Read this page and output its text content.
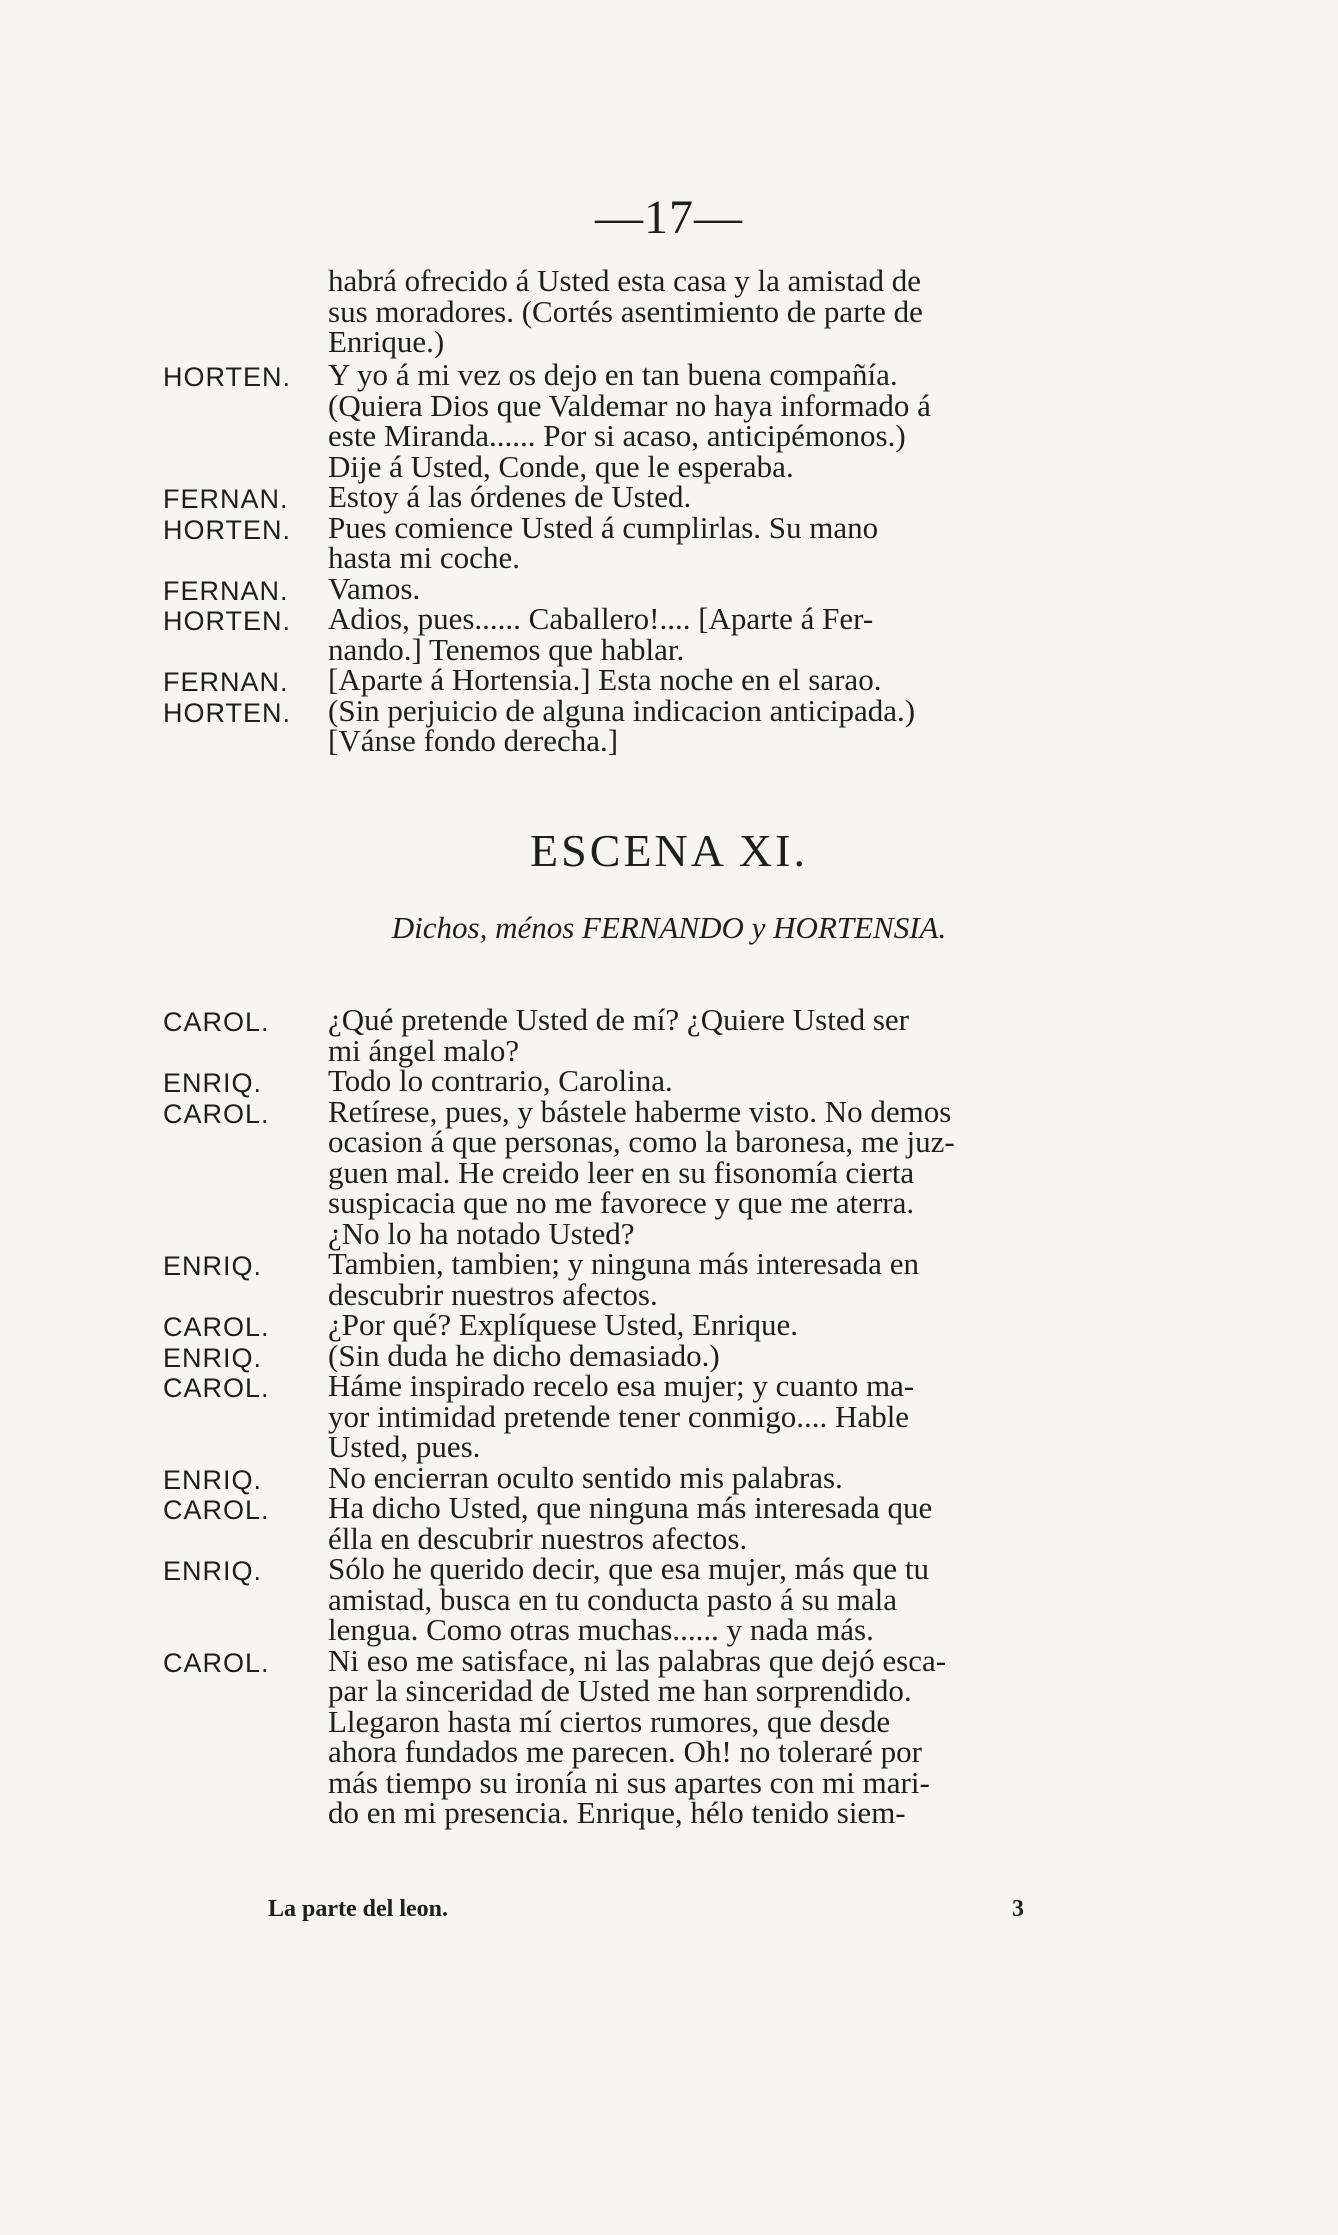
—17—
habrá ofrecido á Usted esta casa y la amistad de
sus moradores. (Cortés asentimiento de parte de
Enrique.)
HORTEN. Y yo á mi vez os dejo en tan buena compañía.
(Quiera Dios que Valdemar no haya informado á
este Miranda...... Por si acaso, anticipémonos.)
Dije á Usted, Conde, que le esperaba.
FERNAN. Estoy á las órdenes de Usted.
HORTEN. Pues comience Usted á cumplirlas. Su mano
hasta mi coche.
FERNAN. Vamos.
HORTEN. Adios, pues...... Caballero!.... [Aparte á Fer-
nando.] Tenemos que hablar.
FERNAN. [Aparte á Hortensia.] Esta noche en el sarao.
HORTEN. (Sin perjuicio de alguna indicacion anticipada.)
[Vánse fondo derecha.]
ESCENA XI.
Dichos, ménos FERNANDO y HORTENSIA.
CAROL. ¿Qué pretende Usted de mí? ¿Quiere Usted ser
mi ángel malo?
ENRIQ. Todo lo contrario, Carolina.
CAROL. Retírese, pues, y bástele haberme visto. No demos
ocasion á que personas, como la baronesa, me juz-
guen mal. He creido leer en su fisonomía cierta
suspicacia que no me favorece y que me aterra.
¿No lo ha notado Usted?
ENRIQ. Tambien, tambien; y ninguna más interesada en
descubrir nuestros afectos.
CAROL. ¿Por qué? Explíquese Usted, Enrique.
ENRIQ. (Sin duda he dicho demasiado.)
CAROL. Háme inspirado recelo esa mujer; y cuanto ma-
yor intimidad pretende tener conmigo.... Hable
Usted, pues.
ENRIQ. No encierran oculto sentido mis palabras.
CAROL. Ha dicho Usted, que ninguna más interesada que
élla en descubrir nuestros afectos.
ENRIQ. Sólo he querido decir, que esa mujer, más que tu
amistad, busca en tu conducta pasto á su mala
lengua. Como otras muchas...... y nada más.
CAROL. Ni eso me satisface, ni las palabras que dejó esca-
par la sinceridad de Usted me han sorprendido.
Llegaron hasta mí ciertos rumores, que desde
ahora fundados me parecen. Oh! no toleraré por
más tiempo su ironía ni sus apartes con mi mari-
do en mi presencia. Enrique, hélo tenido siem-
La parte del leon.	3
